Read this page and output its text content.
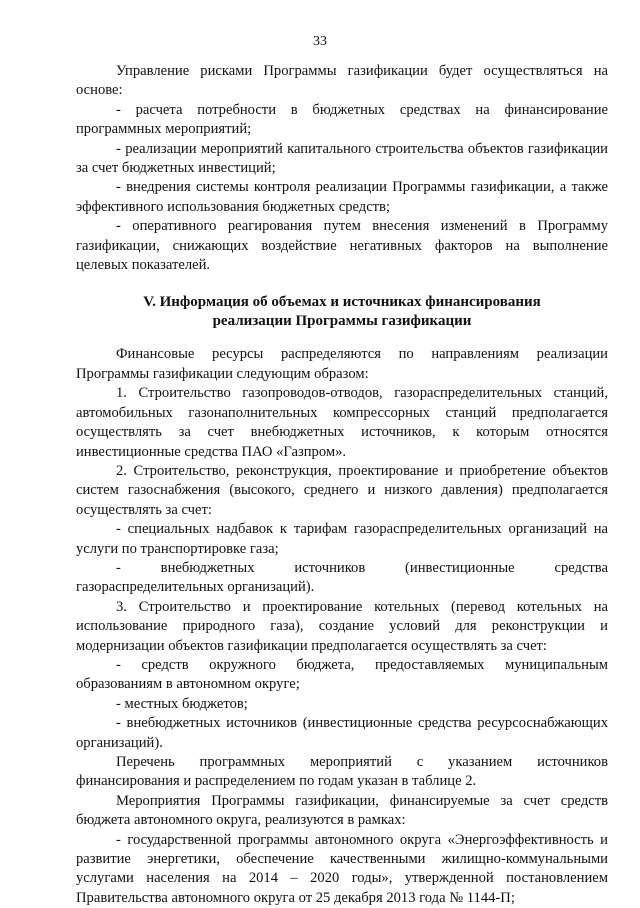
33

Управление рисками Программы газификации будет осуществляться на основе:

- расчета потребности в бюджетных средствах на финансирование программных мероприятий;

- реализации мероприятий капитального строительства объектов газификации за счет бюджетных инвестиций;

- внедрения системы контроля реализации Программы газификации, а также эффективного использования бюджетных средств;

- оперативного реагирования путем внесения изменений в Программу газификации, снижающих воздействие негативных факторов на выполнение целевых показателей.

V. Информация об объемах и источниках финансирования
реализации Программы газификации

Финансовые ресурсы распределяются по направлениям реализации Программы газификации следующим образом:

1. Строительство газопроводов-отводов, газораспределительных станций, автомобильных газонаполнительных компрессорных станций предполагается осуществлять за счет внебюджетных источников, к которым относятся инвестиционные средства ПАО «Газпром».

2. Строительство, реконструкция, проектирование и приобретение объектов систем газоснабжения (высокого, среднего и низкого давления) предполагается осуществлять за счет:

- специальных надбавок к тарифам газораспределительных организаций на услуги по транспортировке газа;

- внебюджетных источников (инвестиционные средства газораспределительных организаций).

3. Строительство и проектирование котельных (перевод котельных на использование природного газа), создание условий для реконструкции и модернизации объектов газификации предполагается осуществлять за счет:

- средств окружного бюджета, предоставляемых муниципальным образованиям в автономном округе;

- местных бюджетов;

- внебюджетных источников (инвестиционные средства ресурсоснабжающих организаций).

Перечень программных мероприятий с указанием источников финансирования и распределением по годам указан в таблице 2.

Мероприятия Программы газификации, финансируемые за счет средств бюджета автономного округа, реализуются в рамках:

- государственной программы автономного округа «Энергоэффективность и развитие энергетики, обеспечение качественными жилищно-коммунальными услугами населения на 2014 – 2020 годы», утвержденной постановлением Правительства автономного округа от 25 декабря 2013 года № 1144-П;
